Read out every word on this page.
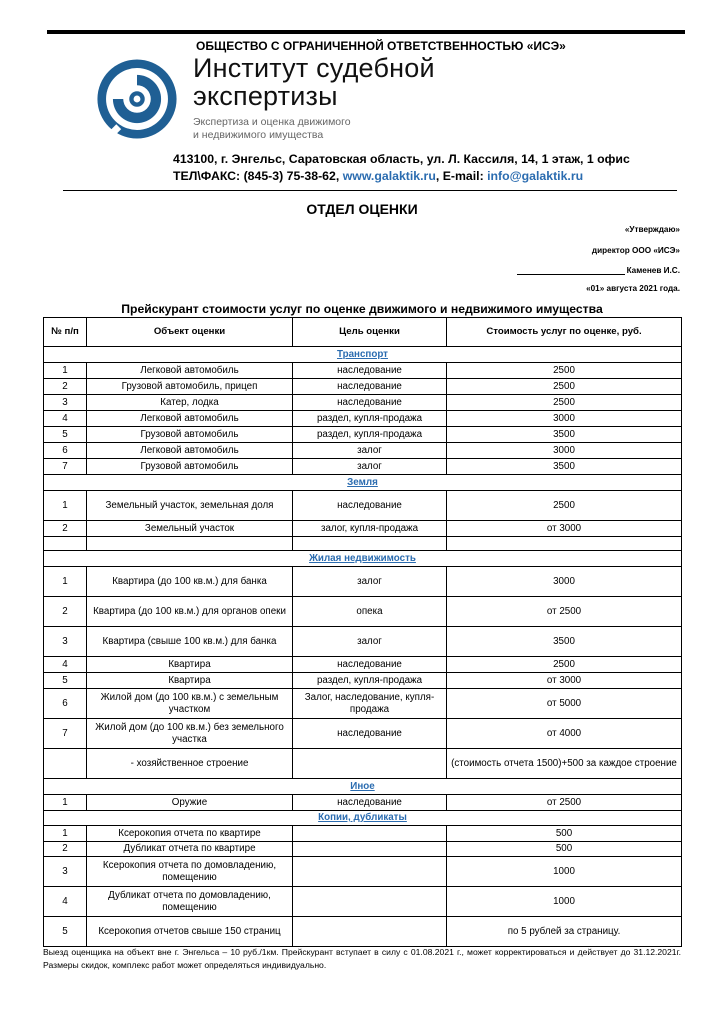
ОБЩЕСТВО С ОГРАНИЧЕННОЙ ОТВЕТСТВЕННОСТЬЮ «ИСЭ»
Институт судебной
экспертизы
Экспертиза и оценка движимого
и недвижимого имущества
413100, г. Энгельс, Саратовская область, ул. Л. Кассиля, 14, 1 этаж, 1 офис
ТЕЛ\ФАКС: (845-3) 75-38-62, www.galaktik.ru, E-mail: info@galaktik.ru
ОТДЕЛ ОЦЕНКИ
«Утверждаю»
директор ООО «ИСЭ»
Каменев И.С.
«01» августа 2021 года.
Прейскурант стоимости услуг по оценке движимого и недвижимого имущества
№ п/п	Объект оценки	Цель оценки	Стоимость услуг по оценке, руб.
Транспорт			
1	Легковой автомобиль	наследование	2500
2	Грузовой автомобиль, прицеп	наследование	2500
3	Катер, лодка	наследование	2500
4	Легковой автомобиль	раздел, купля-продажа	3000
5	Грузовой автомобиль	раздел, купля-продажа	3500
6	Легковой автомобиль	залог	3000
7	Грузовой автомобиль	залог	3500
Земля			
1	Земельный участок, земельная доля	наследование	2500
2	Земельный участок	залог, купля-продажа	от 3000

Жилая недвижимость			
1	Квартира (до 100 кв.м.) для банка	залог	3000
2	Квартира (до 100 кв.м.) для органов опеки	опека	от 2500
3	Квартира (свыше 100 кв.м.) для банка	залог	3500
4	Квартира	наследование	2500
5	Квартира	раздел, купля-продажа	от 3000
6	Жилой дом (до 100 кв.м.) с земельным участком	Залог, наследование, купля-продажа	от 5000
7	Жилой дом (до 100 кв.м.) без земельного участка	наследование	от 4000
	- хозяйственное строение		(стоимость отчета 1500)+500 за каждое строение
Иное			
1	Оружие	наследование	от 2500
Копии, дубликаты			
1	Ксерокопия отчета по квартире		500
2	Дубликат отчета по квартире		500
3	Ксерокопия отчета по домовладению, помещению		1000
4	Дубликат отчета по домовладению, помещению		1000
5	Ксерокопия отчетов свыше 150 страниц		по 5 рублей за страницу.
Выезд оценщика на объект вне г. Энгельса – 10 руб./1км. Прейскурант вступает в силу с 01.08.2021 г., может корректироваться и действует до 31.12.2021г. Размеры скидок, комплекс работ может определяться индивидуально.
